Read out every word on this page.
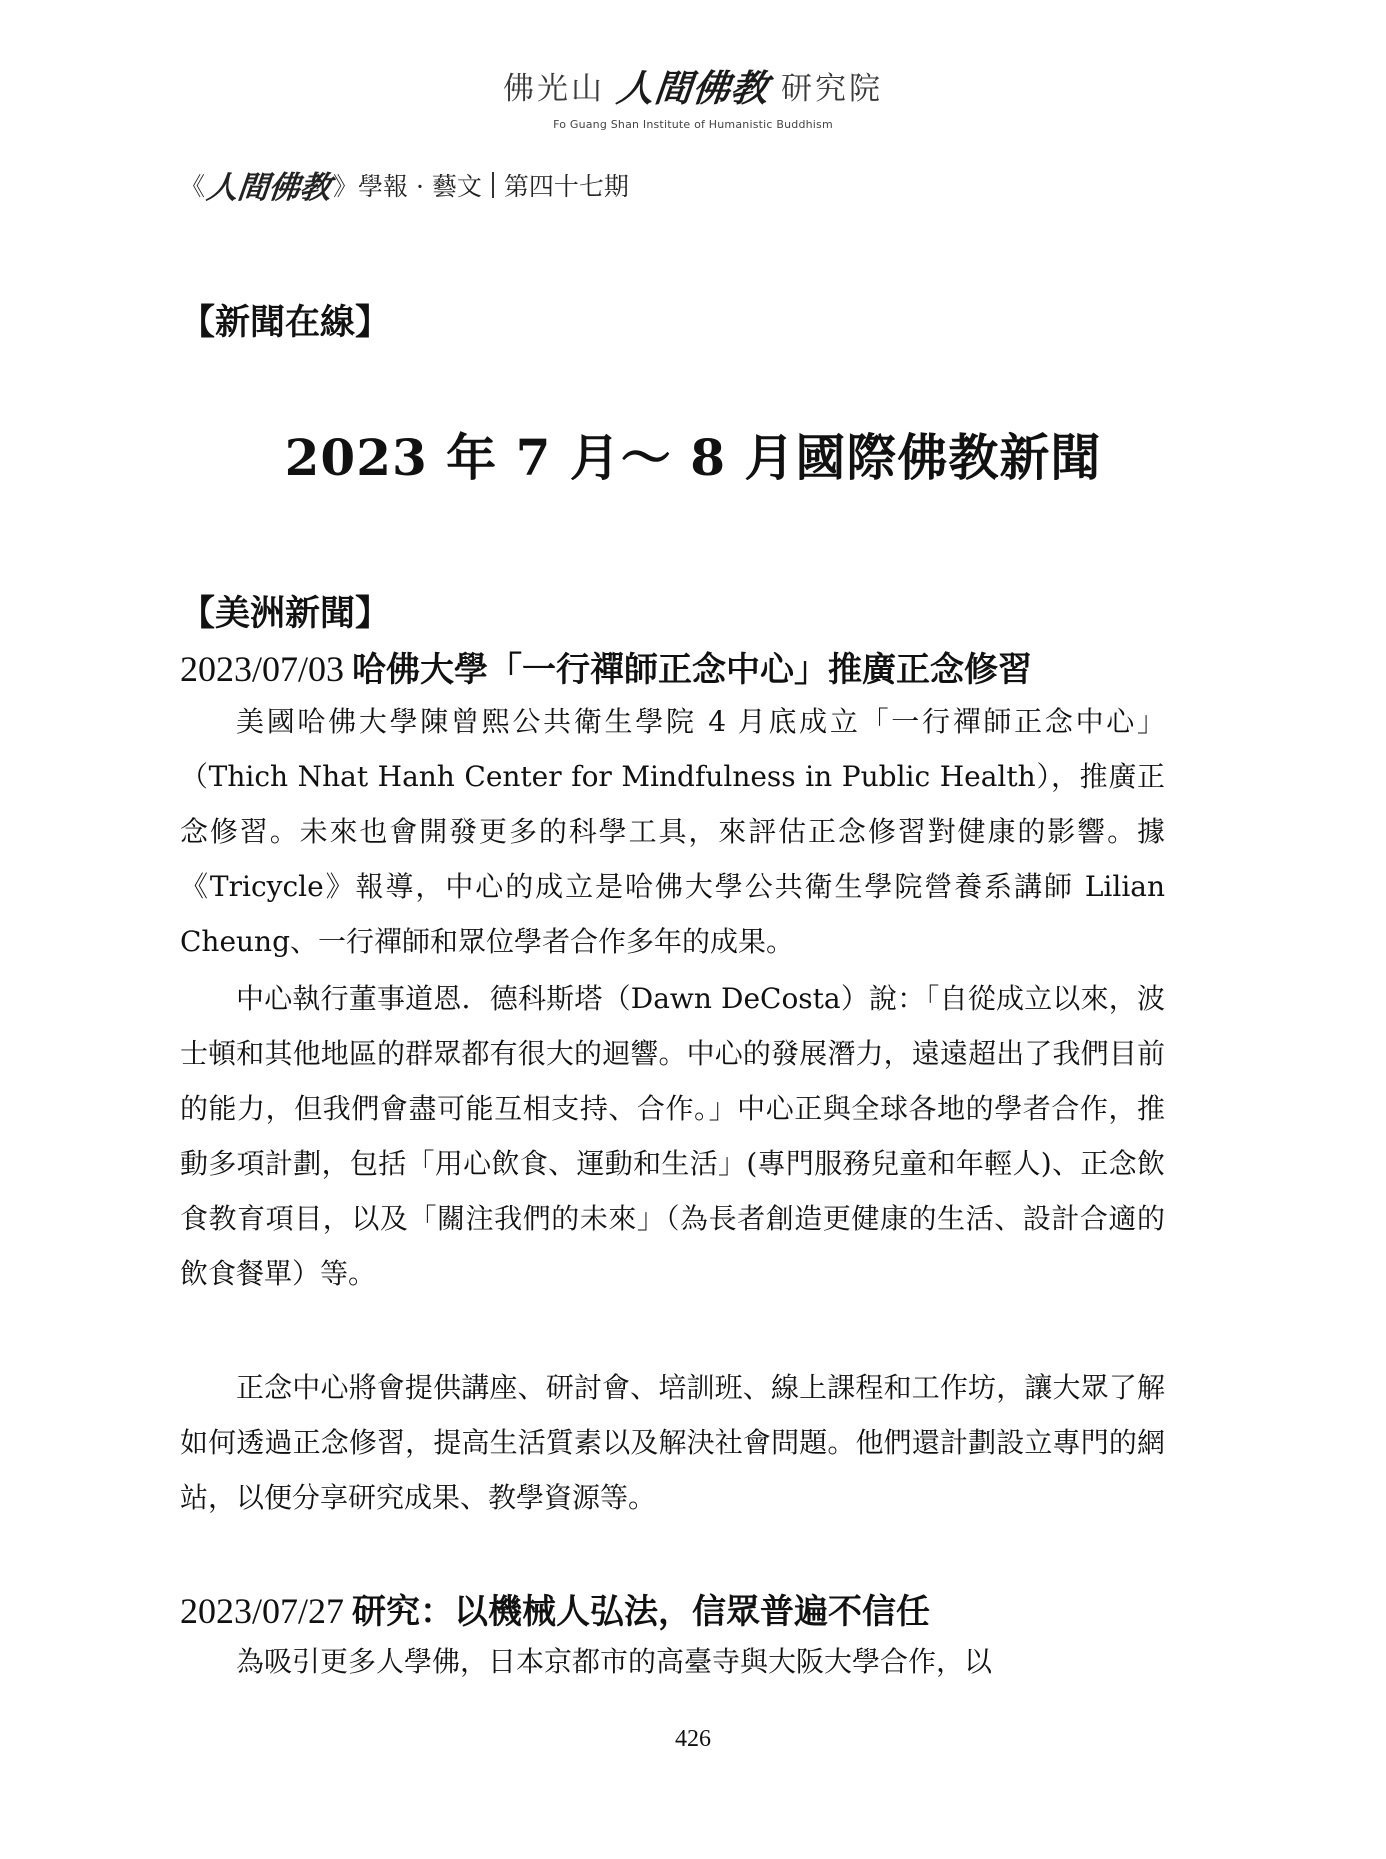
佛光山 人間佛教 研究院
Fo Guang Shan Institute of Humanistic Buddhism
《 人間佛教 》 學報 · 藝文 第四十七期
【新聞在線】
2023 年 7 月～ 8 月國際佛教新聞
【美洲新聞】
2023/07/03 哈佛大學「一行禪師正念中心」推廣正念修習

美國哈佛大學陳曾熙公共衛生學院 4 月底成立「一行禪師正念中心」（Thich Nhat Hanh Center for Mindfulness in Public Health），推廣正念修習。未來也會開發更多的科學工具，來評估正念修習對健康的影響。據《Tricycle》報導，中心的成立是哈佛大學公共衛生學院營養系講師 Lilian Cheung、一行禪師和眾位學者合作多年的成果。

中心執行董事道恩．德科斯塔（Dawn DeCosta）說：「自從成立以來，波士頓和其他地區的群眾都有很大的迴響。中心的發展潛力，遠遠超出了我們目前的能力，但我們會盡可能互相支持、合作。」中心正與全球各地的學者合作，推動多項計劃，包括「用心飲食、運動和生活」(專門服務兒童和年輕人)、正念飲食教育項目，以及「關注我們的未來」（為長者創造更健康的生活、設計合適的飲食餐單）等。

正念中心將會提供講座、研討會、培訓班、線上課程和工作坊，讓大眾了解如何透過正念修習，提高生活質素以及解決社會問題。他們還計劃設立專門的網站，以便分享研究成果、教學資源等。

2023/07/27 研究：以機械人弘法，信眾普遍不信任

為吸引更多人學佛，日本京都市的高臺寺與大阪大學合作，以

426
